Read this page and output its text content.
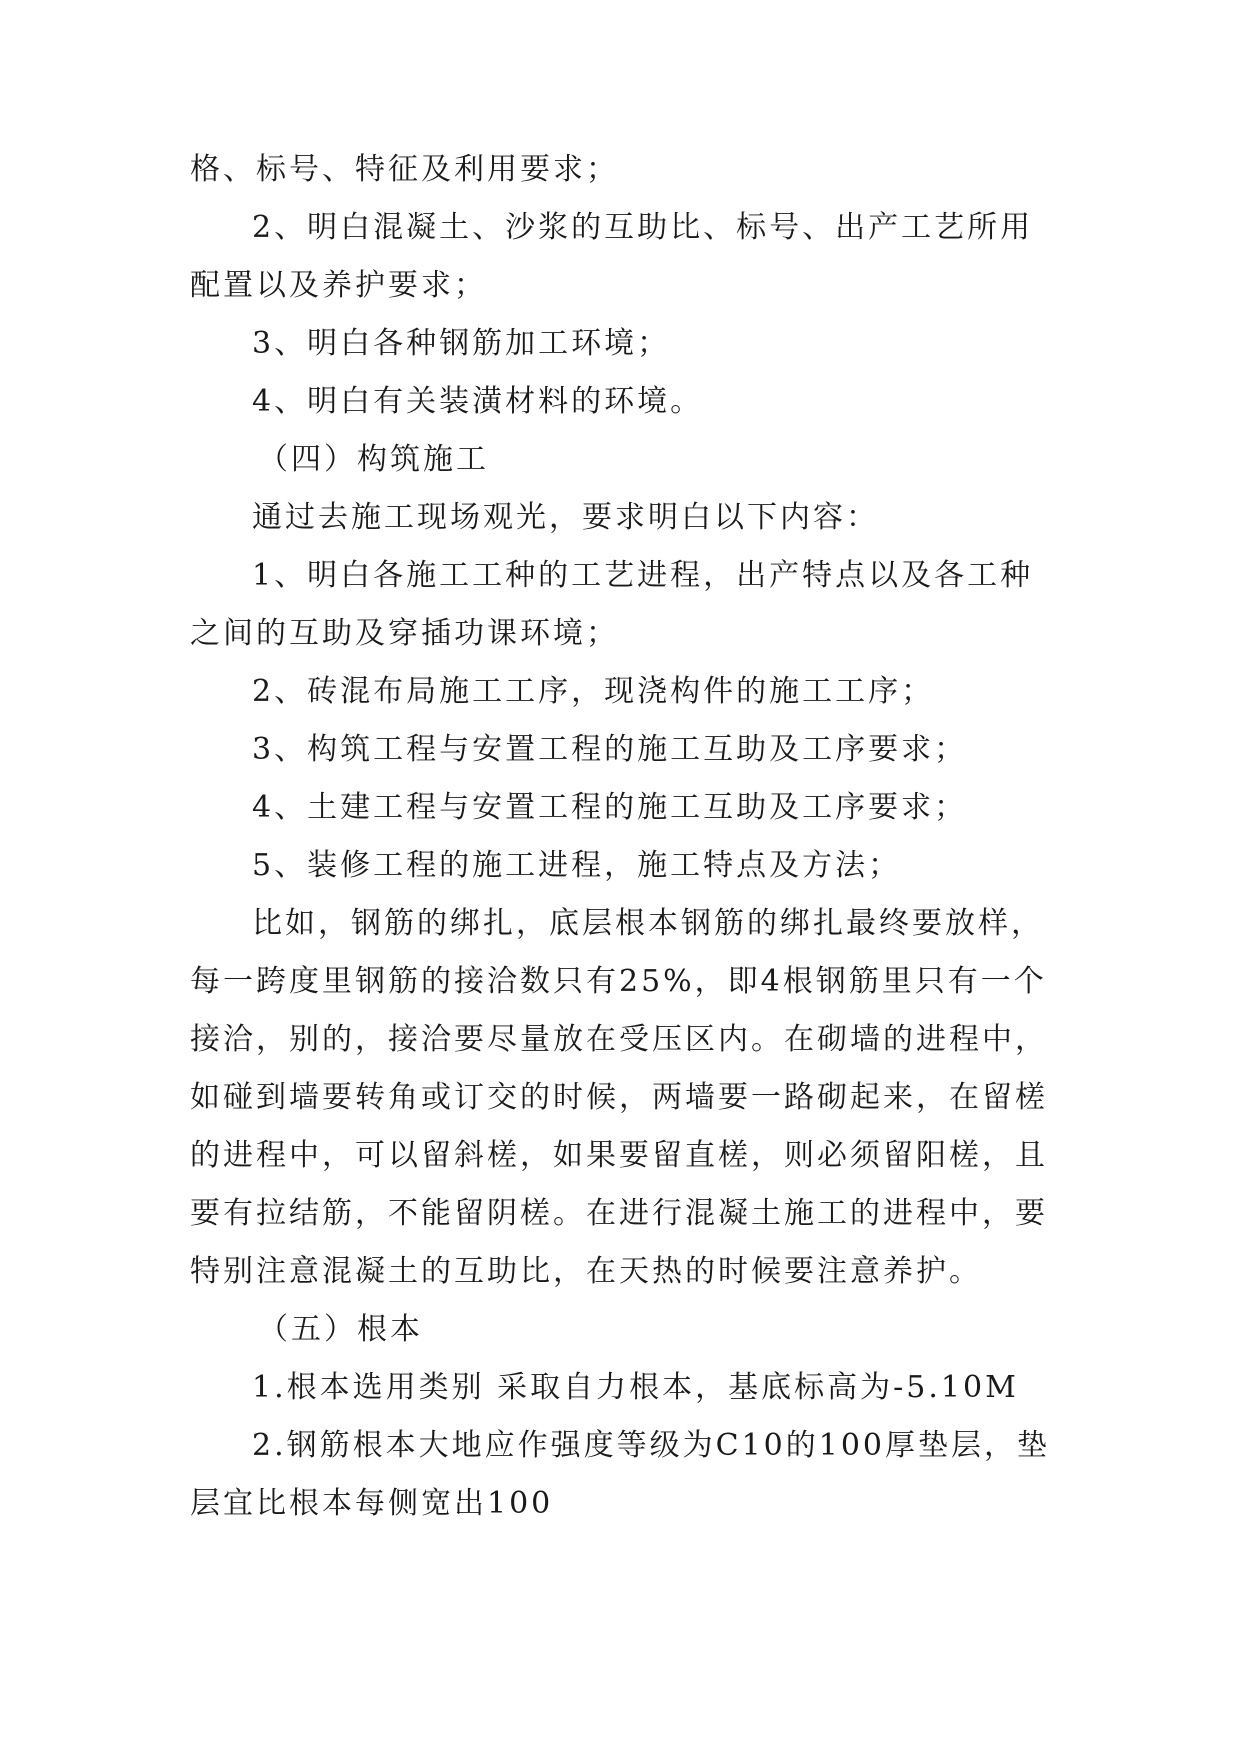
格、标号、特征及利用要求；
2、明白混凝土、沙浆的互助比、标号、出产工艺所用
配置以及养护要求；
3、明白各种钢筋加工环境；
4、明白有关装潢材料的环境。
（四）构筑施工
通过去施工现场观光，要求明白以下内容：
1、明白各施工工种的工艺进程，出产特点以及各工种
之间的互助及穿插功课环境；
2、砖混布局施工工序，现浇构件的施工工序；
3、构筑工程与安置工程的施工互助及工序要求；
4、土建工程与安置工程的施工互助及工序要求；
5、装修工程的施工进程，施工特点及方法；
比如，钢筋的绑扎，底层根本钢筋的绑扎最终要放样，
每一跨度里钢筋的接洽数只有25%，即4根钢筋里只有一个
接洽，别的，接洽要尽量放在受压区内。在砌墙的进程中，
如碰到墙要转角或订交的时候，两墙要一路砌起来，在留槎
的进程中，可以留斜槎，如果要留直槎，则必须留阳槎，且
要有拉结筋，不能留阴槎。在进行混凝土施工的进程中，要
特别注意混凝土的互助比，在天热的时候要注意养护。
（五）根本
1.根本选用类别 采取自力根本，基底标高为-5.10M
2.钢筋根本大地应作强度等级为C10的100厚垫层，垫
层宜比根本每侧宽出100
